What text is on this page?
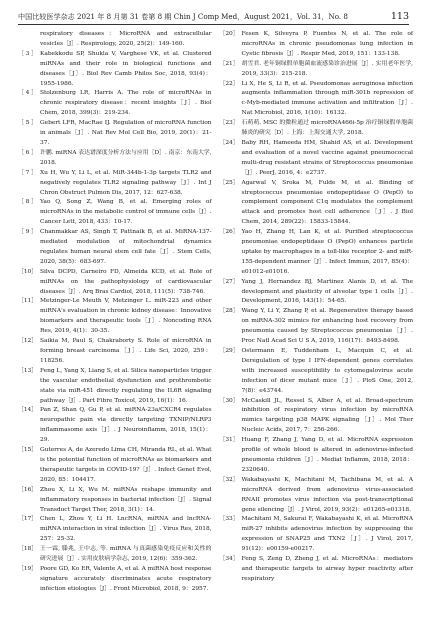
中国比较医学杂志 2021 年 8 月第 31 卷第 8 期 Chin J Comp Med，August 2021，Vol. 31，No. 8	113
respiratory diseases：MicroRNA and extracellular vesicles［J］. Respirology, 2020, 25(2)：149-160.
［ 3 ］ Kabekkodu SP, Shukla V, Varghese VK, et al. Clustered miRNAs and their role in biological functions and diseases［J］. Biol Rev Camb Philos Soc, 2018, 93(4)：1955-1986.
［ 4 ］ Stolzenburg LR, Harris A. The role of microRNAs in chronic respiratory disease：recent insights［J］. Biol Chem, 2018, 399(3)：219-234.
［ 5 ］ Gebert LFR, MacRae IJ. Regulation of microRNA function in animals［J］. Nat Rev Mol Cell Bio, 2019, 20(1)：21-37.
［ 6 ］ 许鹏. miRNA 表达谱深度分析方法与应用［D］. 南京：东南大学, 2018.
［ 7 ］ Xu H, Wu Y, Li L, et al. MiR-344b-1-3p targets TLR2 and negatively regulates TLR2 signaling pathway［J］. Int J Chron Obstruct Pulmon Dis, 2017, 12：627-638.
［ 8 ］ Yao Q, Song Z, Wang B, et al. Emerging roles of microRNAs in the metabolic control of immune cells［J］. Cancer Lett, 2018, 433：10-17.
［ 9 ］ Chanmakkar AS, Singh T, Pattnaik B, et al. MiRNA-137-mediated modulation of mitochondrial dynamics regulates human neural stem cell fate［J］. Stem Cells, 2020, 38(5)：683-697.
［10］ Silva DCPD, Carneiro FD, Almeida KCD, et al. Role of miRNAs on the pathophysiology of cardiovascular diseases［J］. Arq Bras Cardiol, 2018, 111(5)：738-746.
［11］ Metzinger-Le Meuth V, Metzinger L. miR-223 and other miRNA's evaluation in chronic kidney disease：Innovative biomarkers and therapeutic tools［J］. Noncoding RNA Res, 2019, 4(1)：30-35.
［12］ Saikia M, Paul S, Chakraborty S. Role of microRNA in forming breast carcinoma［J］. Life Sci, 2020, 259：118256.
［13］ Feng L, Yang X, Liang S, et al. Silica nanoparticles trigger the vascular endothelial dysfunction and prothrombotic state via miR-451 directly regulating the IL6R signaling pathway［J］. Part Fibre Toxicol, 2019, 16(1)：16.
［14］ Pan Z, Shan Q, Gu P, et al. miRNA-23a/CXCR4 regulates neuropathic pain via directly targeting TXNIP/NLRP3 inflammasome axis［J］. J Neuroinflamm, 2018, 15(1)：29.
［15］ Guterres A, de Azeredo Lima CH, Miranda RL, et al. What is the potential function of microRNAs as biomarkers and therapeutic targets in COVID-19?［J］. Infect Genet Evol, 2020, 85：104417.
［16］ Zhou X, Li X, Wu M. miRNAs reshape immunity and inflammatory responses in bacterial infection［J］. Signal Transduct Target Ther, 2018, 3(1)：14.
［17］ Chen L, Zhou Y, Li H. LncRNA, miRNA and lncRNA-miRNA interaction in viral infection［J］. Virus Res, 2018, 257：25-32.
［18］ 王一霖, 滕兆, 王中志, 等. miRNA 与真菌感染免疫反应和关性的研究进展［J］. 实用皮肤病学杂志, 2019, 12(6)：359-362.
［19］ Poore GD, Ko ER, Valente A, et al. A miRNA host response signature accurately discriminates acute respiratory infection etiologies［J］. Front Microbiol, 2018, 9：2957.
［20］ Fesen K, Silveyra P, Fuentes N, et al. The role of microRNAs in chronic pseudomonas lung infection in Cystic fibrosis［J］. Respir Med, 2019, 151：133-138.
［21］ 胡雪君. 老年铜绿假单胞菌血流感染诊治进展［J］. 实用老年医学, 2019, 33(3)：215-218.
［22］ Li X, He S, Li R, et al. Pseudomonas aeruginosa infection augments inflammation through miR-301b repression of c-Myb-mediated immune activation and infiltration［J］. Nat Microbiol, 2016, 1(10)：16132.
［23］ 石萌萌. MSC 的微粒通过 microRNA466i-5p 治疗铜绿假单胞菌肺炎的研究［D］. 上海：上海交通大学, 2018.
［24］ Baby RH, Hameeda HM, Shahid AS, et al. Development and evaluation of a novel vaccine against pneumococcal multi-drug resistant strains of Streptococcus pneumoniae［J］. PeerJ, 2016, 4：e2737.
［25］ Agarwal V, Sroka M, Fulde M, et al. Binding of streptococcus pneumoniae endopeptidase O (PepO) to complement component C1q modulates the complement attack and promotes host cell adherence［J］. J Biol Chem, 2014, 289(22)：15833-15844.
［26］ Yao H, Zhang H, Lan K, et al. Purified streptococcus pneumoniae endopeptidase O (PepO) enhances particle uptake by macrophages in a toll-like receptor 2- and miR-155-dependent manner［J］. Infect Immun, 2017, 85(4)：e01012-e01016.
［27］ Yang J, Hernandez BJ, Martinez Alanis D, et al. The development and plasticity of alveolar type 1 cells［J］. Development, 2016, 143(1)：54-65.
［28］ Wang Y, Li Y, Zhang P, et al. Regenerative therapy based on miRNA-302 mimics for enhancing host recovery from pneumonia caused by Streptococcus pneumoniae［J］. Proc Natl Acad Sci U S A, 2019, 116(17)：8493-8498.
［29］ Ostermann E, Tuddenham L, Macquin C, et al. Deregulation of type I IFN-dependent genes correlates with increased susceptibility to cytomegalovirus acute infection of dicer mutant mice［J］. PloS One, 2012, 7(8)：e43744.
［30］ McCaskill JL, Ressel S, Alber A, et al. Broad-spectrum inhibition of respiratory virus infection by microRNA mimics targeting p38 MAPK signaling［J］. Mol Ther Nucleic Acids, 2017, 7：256-266.
［31］ Huang F, Zhang J, Yang D, et al. MicroRNA expression profile of whole blood is altered in adenovirus-infected pneumonia children［J］. Mediat Inflamm, 2018, 2018：2320640.
［32］ Wakabayashi K, Machitani M, Tachibana M, et al. A microRNA derived from adenovirus virus-associated RNAII promotes virus infection via post-transcriptional gene silencing［J］. J Virol, 2019, 93(2)：e01265-e01318.
［33］ Machitani M, Sakurai F, Wakabayashi K, et al. MicroRNA miR-27 inhibits adenovirus infection by suppressing the expression of SNAP25 and TXN2［J］. J Virol, 2017, 91(12)：e00159-e00217.
［34］ Feng S, Zeng D, Zheng J, et al. MicroRNAs：mediators and therapeutic targets to airway hyper reactivity after respiratory
